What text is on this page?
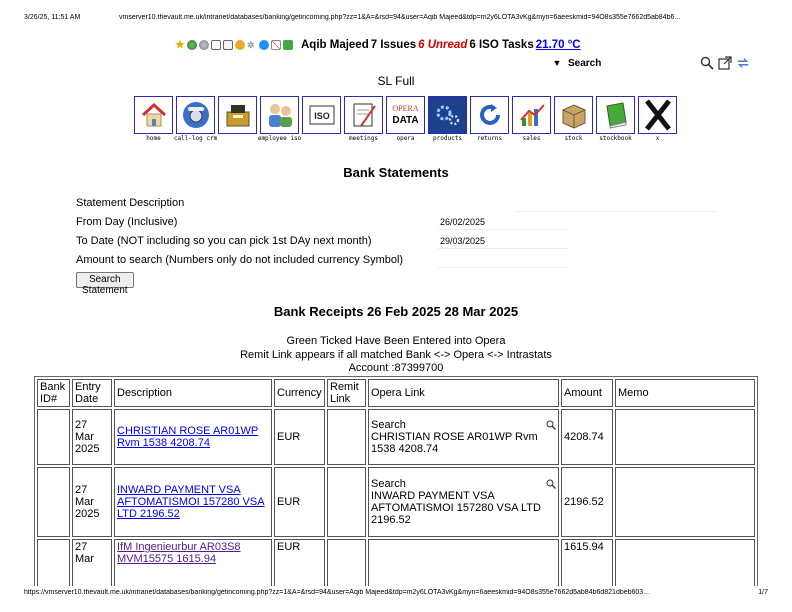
3/26/25, 11:51 AM	vmserver10.thevault.me.uk/intranet/databases/banking/getincoming.php?zz=1&A=&rsd=94&user=Aqib Majeed&tdp=m2y6LOTA3vKg&myn=6aeeskmid=94O8s355e7662d5ab84b6...
★	✲	Aqib Majeed 7 Issues 6 Unread 6 ISO Tasks 21.70 °C
▼
Search
SL Full
home call-log crm	employee iso
ISO
meetings
OPERA
DATA
opera	products returns	sales	stock	stockbook	x
Bank Statements
Statement Description
From Day (Inclusive)
26/02/2025
To Date (NOT including so you can pick 1st DAy next month)
29/03/2025
Amount to search (Numbers only do not included currency Symbol)
Search Statement
Bank Receipts 26 Feb 2025 28 Mar 2025
Green Ticked Have Been Entered into Opera
Remit Link appears if all matched Bank <-> Opera <-> Intrastats
Account :87399700
Bank ID#	Entry Date	Description	Currency	Remit Link	Opera Link	Amount	Memo
	27 Mar 2025	CHRISTIAN ROSE AR01WP Rvm 1538 4208.74	EUR		Search
CHRISTIAN ROSE AR01WP Rvm 1538 4208.74	4208.74	
	27 Mar 2025	INWARD PAYMENT VSA AFTOMATISMOI 157280 VSA LTD 2196.52	EUR		Search
INWARD PAYMENT VSA AFTOMATISMOI 157280 VSA LTD 2196.52	2196.52	
	27 Mar	IfM Ingenieurbur AR03S8 MVM15575 1615.94	EUR			1615.94	
https://vmserver10.thevault.me.uk/intranet/databases/banking/getincoming.php?zz=1&A=&rsd=94&user=Aqib Majeed&tdp=m2y6LOTA3vKg&myn=6aeeskmid=94O8s355e7662d5ab84b6d821dbeb603...	1/7
